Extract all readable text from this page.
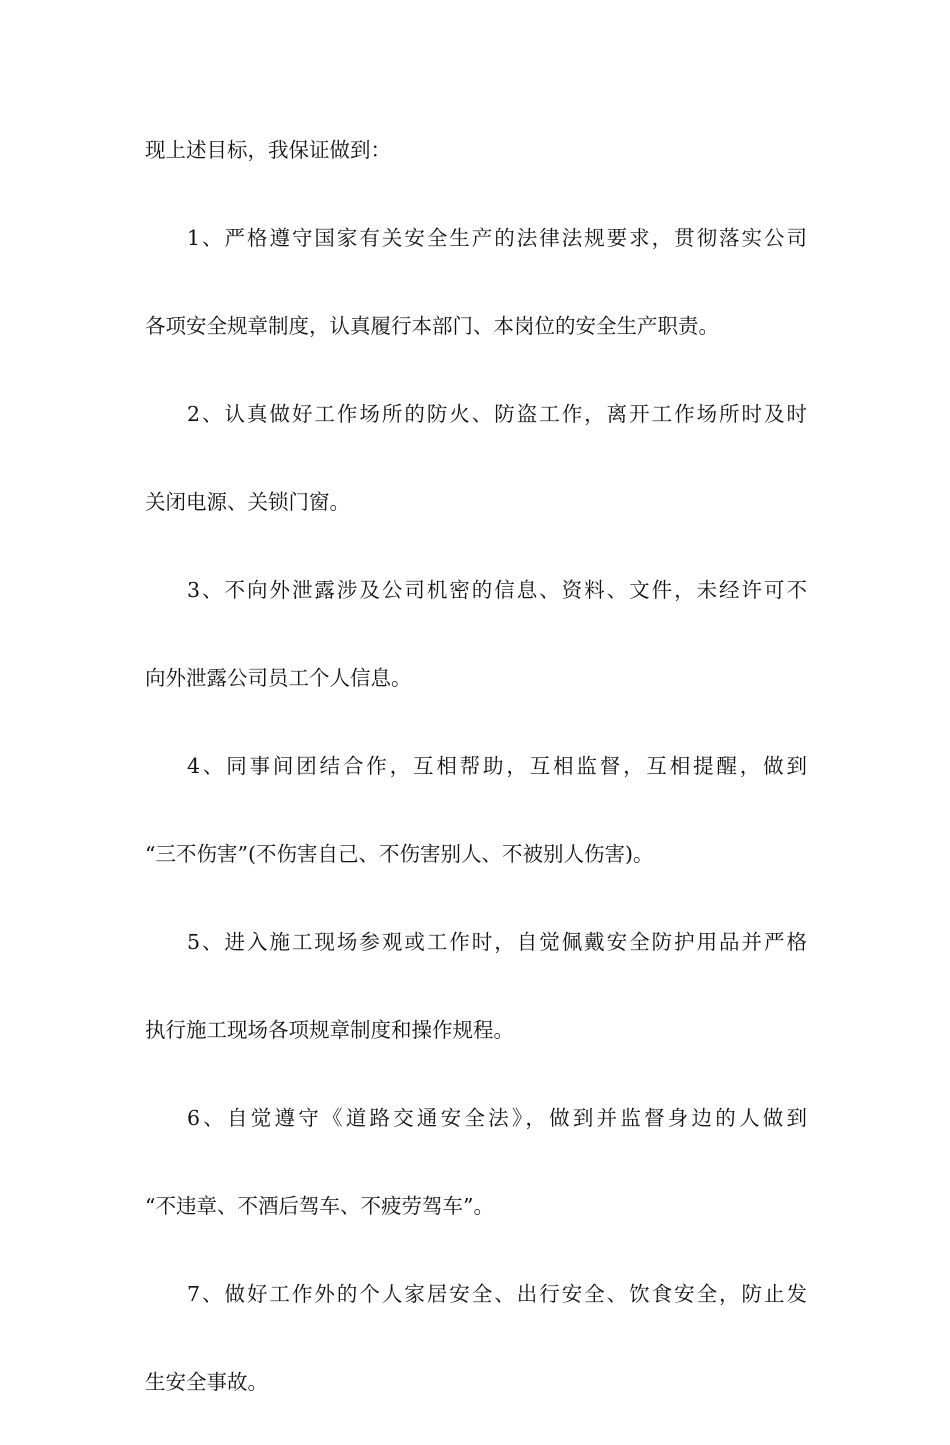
现上述目标，我保证做到：
1、严格遵守国家有关安全生产的法律法规要求，贯彻落实公司
各项安全规章制度，认真履行本部门、本岗位的安全生产职责。
2、认真做好工作场所的防火、防盗工作，离开工作场所时及时
关闭电源、关锁门窗。
3、不向外泄露涉及公司机密的信息、资料、文件，未经许可不
向外泄露公司员工个人信息。
4、同事间团结合作，互相帮助，互相监督，互相提醒，做到
“三不伤害”(不伤害自己、不伤害别人、不被别人伤害)。
5、进入施工现场参观或工作时，自觉佩戴安全防护用品并严格
执行施工现场各项规章制度和操作规程。
6、自觉遵守《道路交通安全法》，做到并监督身边的人做到
“不违章、不酒后驾车、不疲劳驾车”。
7、做好工作外的个人家居安全、出行安全、饮食安全，防止发
生安全事故。
